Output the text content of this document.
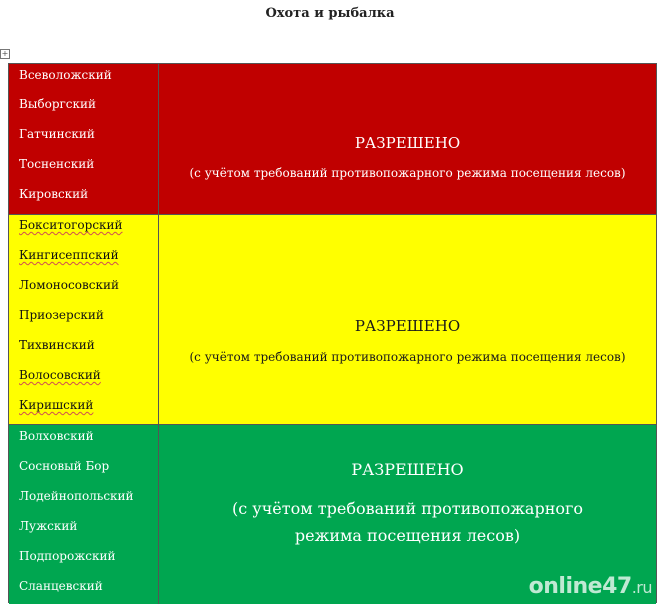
Охота и рыбалка
+
Всеволожский
Выборгский
Гатчинский
Тосненский
Кировский
РАЗРЕШЕНО
(с учётом требований противопожарного режима посещения лесов)
Бокситогорский
Кингисеппский
Ломоносовский
Приозерский
Тихвинский
Волосовский
Киришский
РАЗРЕШЕНО
(с учётом требований противопожарного режима посещения лесов)
Волховский
Сосновый Бор
Лодейнопольский
Лужский
Подпорожский
Сланцевский
РАЗРЕШЕНО
(с учётом требований противопожарного
режима посещения лесов)
online47.ru
